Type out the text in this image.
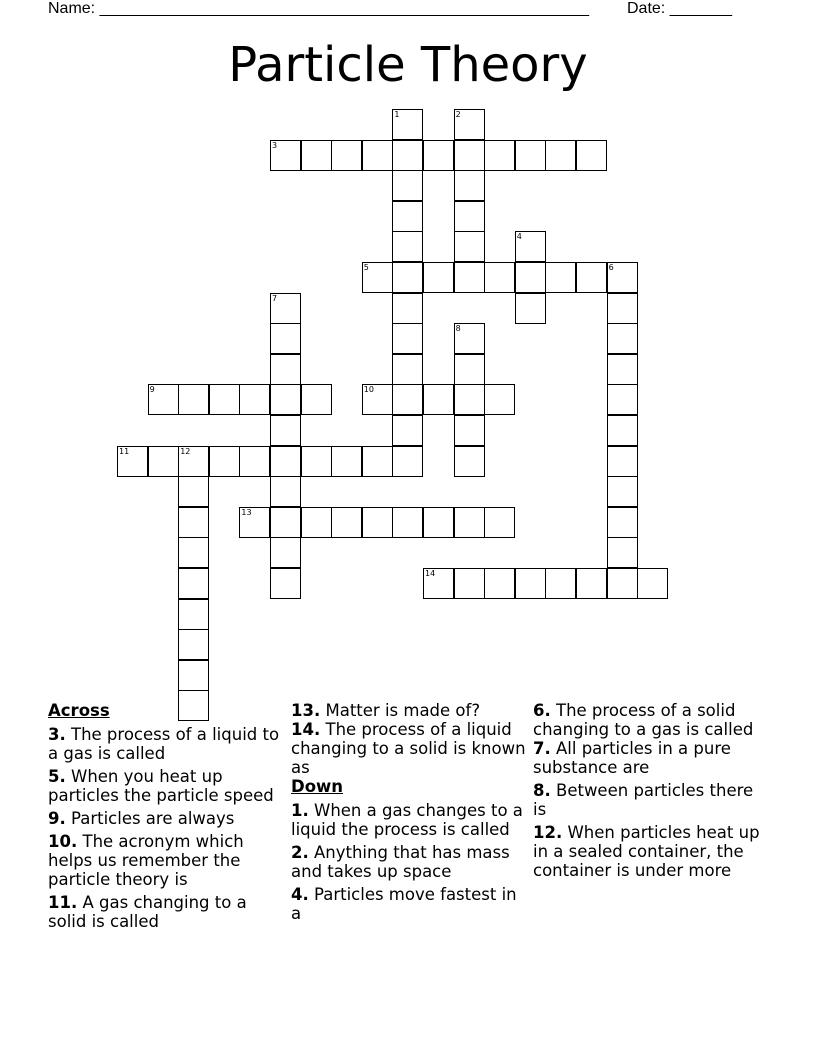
Name: _______________________________________________________ Date: _______
Particle Theory
1	2
3
4
5	6
7
8
9	10
11	12
13
14
Across
3. The process of a liquid to a gas is called
5. When you heat up particles the particle speed
9. Particles are always
10. The acronym which helps us remember the particle theory is
11. A gas changing to a solid is called
13. Matter is made of?
14. The process of a liquid changing to a solid is known as
Down
1. When a gas changes to a liquid the process is called
2. Anything that has mass and takes up space
4. Particles move fastest in a
6. The process of a solid changing to a gas is called
7. All particles in a pure substance are
8. Between particles there is
12. When particles heat up in a sealed container, the container is under more
